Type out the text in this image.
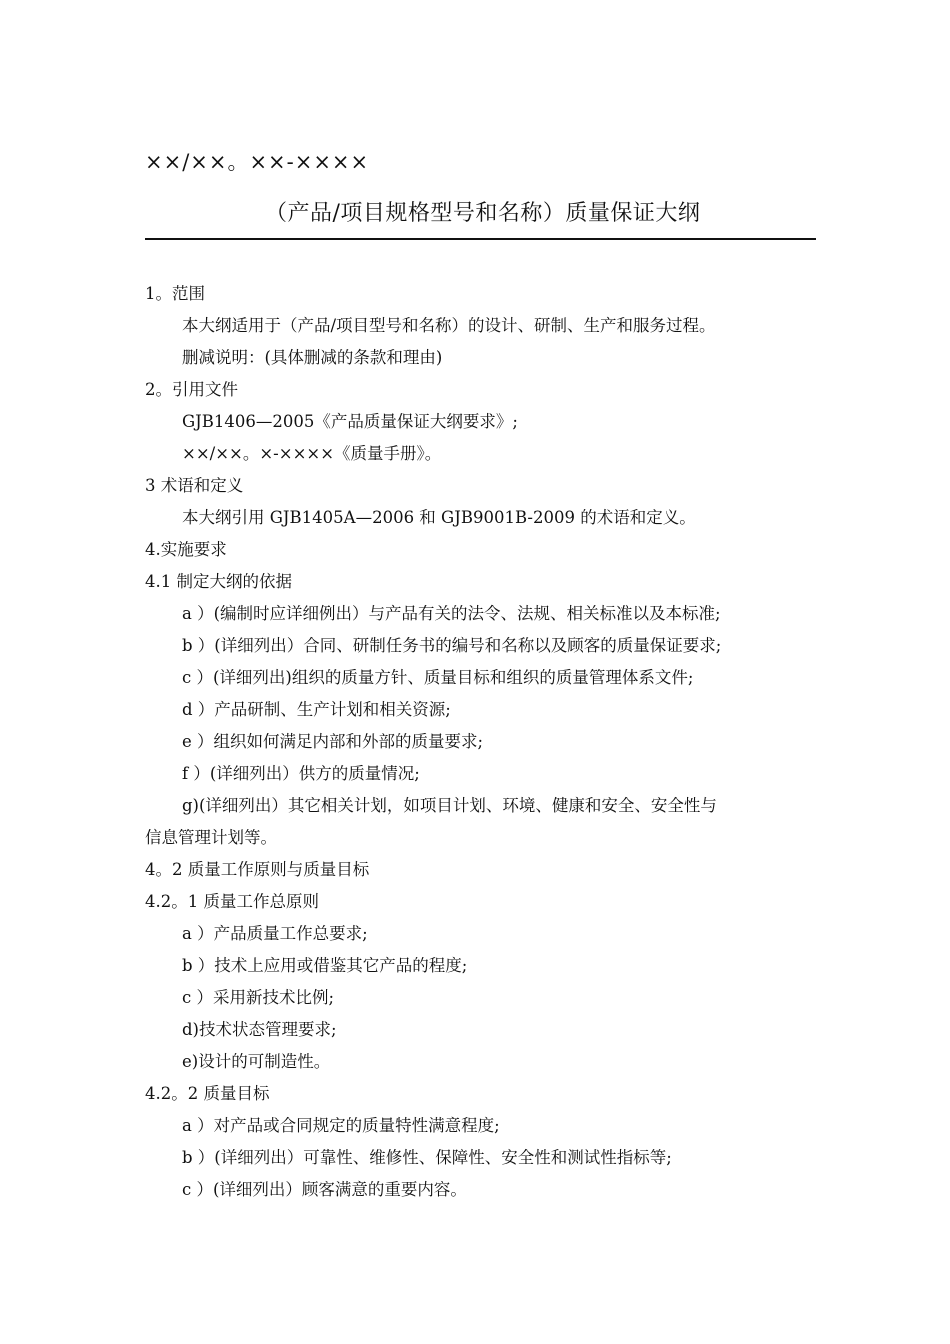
××/××。××-××××
（产品/项目规格型号和名称）质量保证大纲
1。范围
本大纲适用于（产品/项目型号和名称）的设计、研制、生产和服务过程。
删减说明：(具体删减的条款和理由)
2。引用文件
GJB1406—2005《产品质量保证大纲要求》;
××/××。×-××××《质量手册》。
3 术语和定义
本大纲引用 GJB1405A—2006 和 GJB9001B-2009 的术语和定义。
4.实施要求
4.1 制定大纲的依据
a ）(编制时应详细例出）与产品有关的法令、法规、相关标准以及本标准;
b ）(详细列出）合同、研制任务书的编号和名称以及顾客的质量保证要求;
c ）(详细列出)组织的质量方针、质量目标和组织的质量管理体系文件;
d ）产品研制、生产计划和相关资源;
e ）组织如何满足内部和外部的质量要求;
f ）(详细列出）供方的质量情况;
g)(详细列出）其它相关计划，如项目计划、环境、健康和安全、安全性与
信息管理计划等。
4。2 质量工作原则与质量目标
4.2。1 质量工作总原则
a ）产品质量工作总要求;
b ）技术上应用或借鉴其它产品的程度;
c ）采用新技术比例;
d)技术状态管理要求;
e)设计的可制造性。
4.2。2 质量目标
a ）对产品或合同规定的质量特性满意程度;
b ）(详细列出）可靠性、维修性、保障性、安全性和测试性指标等;
c ）(详细列出）顾客满意的重要内容。
